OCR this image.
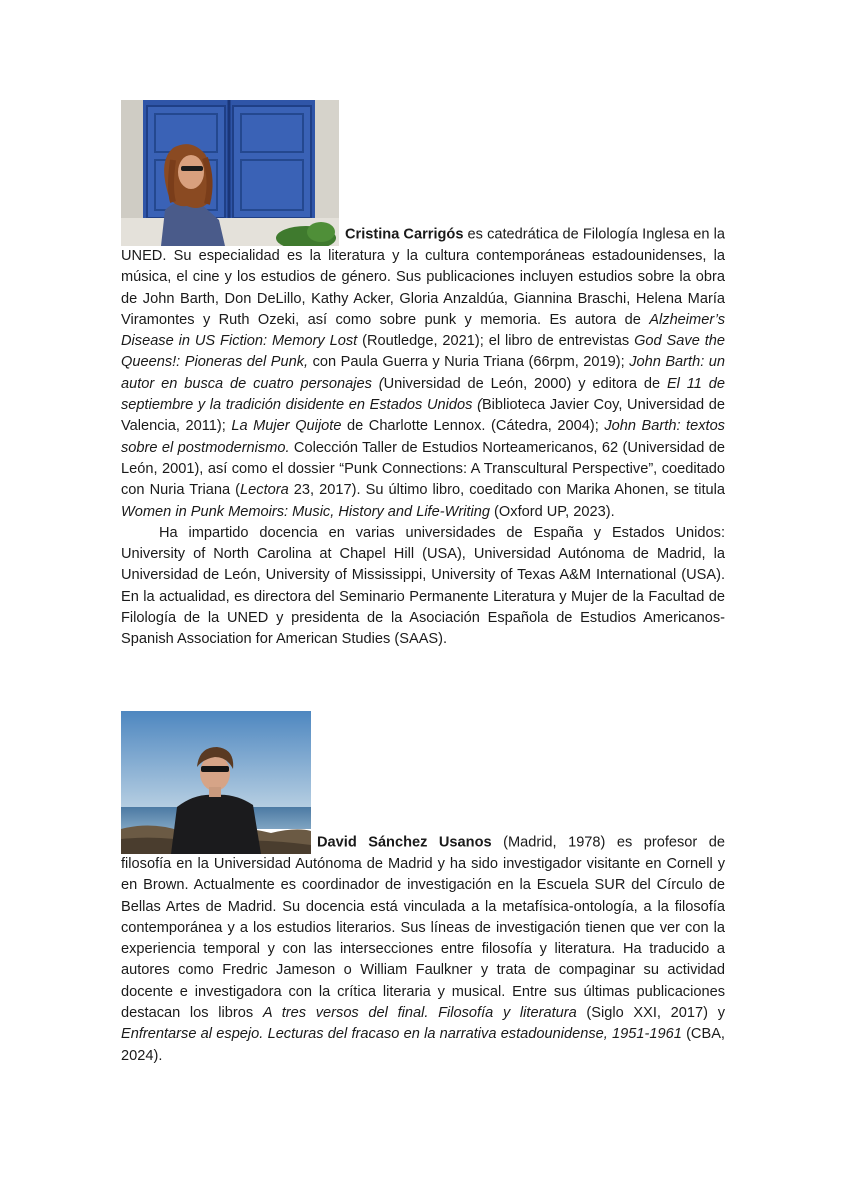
Cristina Carrigós es catedrática de Filología Inglesa en la UNED. Su especialidad es la literatura y la cultura contemporáneas estadounidenses, la música, el cine y los estudios de género. Sus publicaciones incluyen estudios sobre la obra de John Barth, Don DeLillo, Kathy Acker, Gloria Anzaldúa, Giannina Braschi, Helena María Viramontes y Ruth Ozeki, así como sobre punk y memoria. Es autora de Alzheimer’s Disease in US Fiction: Memory Lost (Routledge, 2021); el libro de entrevistas God Save the Queens!: Pioneras del Punk, con Paula Guerra y Nuria Triana (66rpm, 2019); John Barth: un autor en busca de cuatro personajes (Universidad de León, 2000) y editora de El 11 de septiembre y la tradición disidente en Estados Unidos (Biblioteca Javier Coy, Universidad de Valencia, 2011); La Mujer Quijote de Charlotte Lennox. (Cátedra, 2004); John Barth: textos sobre el postmodernismo. Colección Taller de Estudios Norteamericanos, 62 (Universidad de León, 2001), así como el dossier “Punk Connections: A Transcultural Perspective”, coeditado con Nuria Triana (Lectora 23, 2017). Su último libro, coeditado con Marika Ahonen, se titula Women in Punk Memoirs: Music, History and Life-Writing (Oxford UP, 2023).

Ha impartido docencia en varias universidades de España y Estados Unidos: University of North Carolina at Chapel Hill (USA), Universidad Autónoma de Madrid, la Universidad de León, University of Mississippi, University of Texas A&M International (USA). En la actualidad, es directora del Seminario Permanente Literatura y Mujer de la Facultad de Filología de la UNED y presidenta de la Asociación Española de Estudios Americanos-Spanish Association for American Studies (SAAS).

David Sánchez Usanos (Madrid, 1978) es profesor de filosofía en la Universidad Autónoma de Madrid y ha sido investigador visitante en Cornell y en Brown. Actualmente es coordinador de investigación en la Escuela SUR del Círculo de Bellas Artes de Madrid. Su docencia está vinculada a la metafísica-ontología, a la filosofía contemporánea y a los estudios literarios. Sus líneas de investigación tienen que ver con la experiencia temporal y con las intersecciones entre filosofía y literatura. Ha traducido a autores como Fredric Jameson o William Faulkner y trata de compaginar su actividad docente e investigadora con la crítica literaria y musical. Entre sus últimas publicaciones destacan los libros A tres versos del final. Filosofía y literatura (Siglo XXI, 2017) y Enfrentarse al espejo. Lecturas del fracaso en la narrativa estadounidense, 1951-1961 (CBA, 2024).
